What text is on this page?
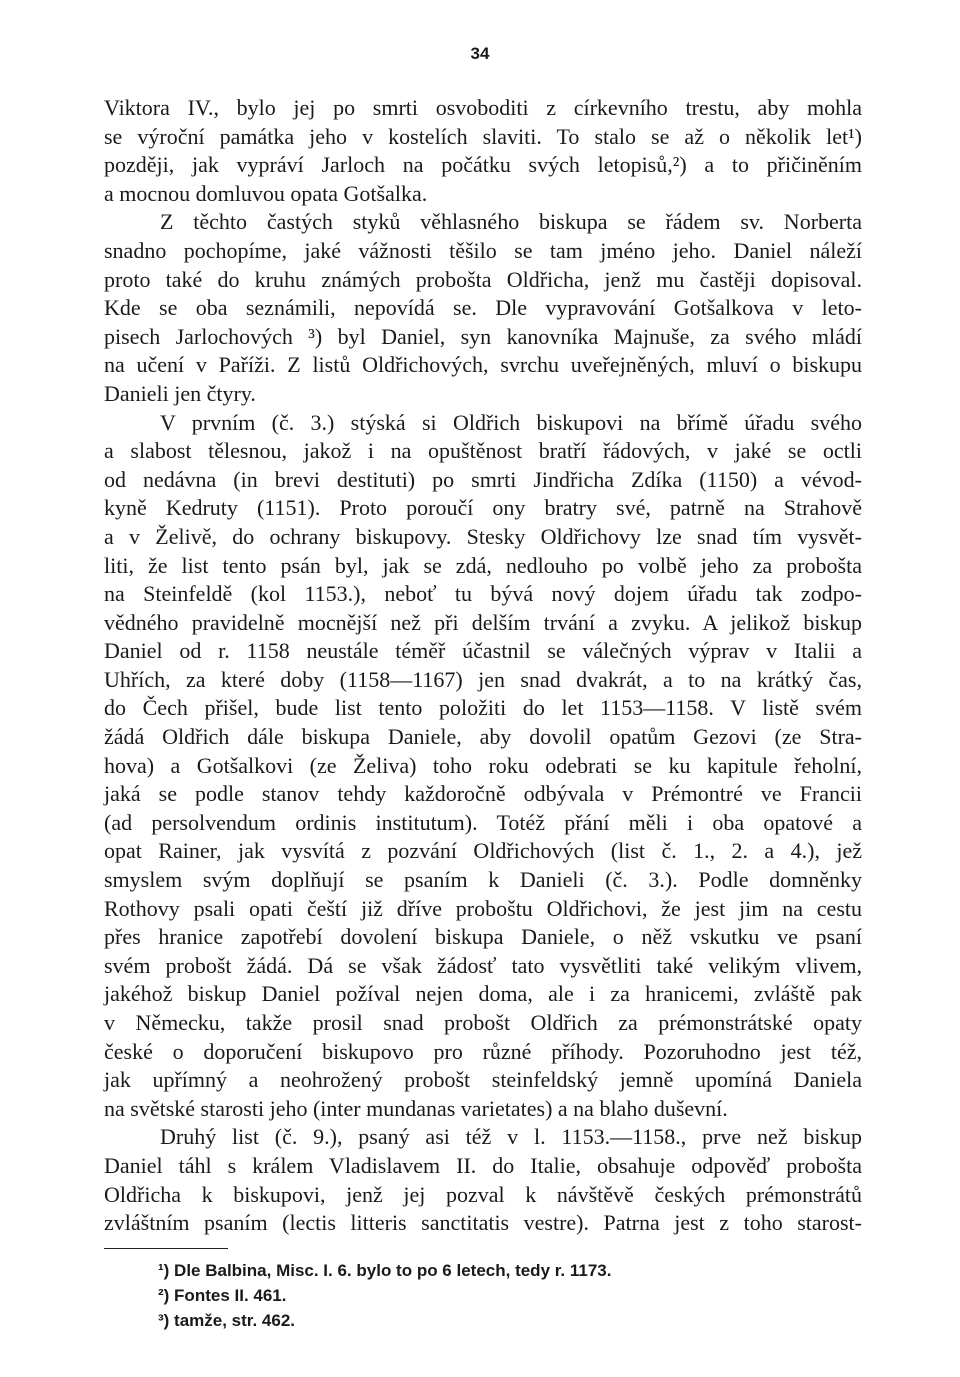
34
Viktora IV., bylo jej po smrti osvoboditi z církevního trestu, aby mohla
se výroční památka jeho v kostelích slaviti. To stalo se až o několik let¹)
později, jak vypráví Jarloch na počátku svých letopisů,²) a to přičiněním
a mocnou domluvou opata Gotšalka.
Z těchto častých styků věhlasného biskupa se řádem sv. Norberta
snadno pochopíme, jaké vážnosti těšilo se tam jméno jeho. Daniel náleží
proto také do kruhu známých proboštа Oldřicha, jenž mu častěji dopisoval.
Kde se oba seznámili, nepovídá se. Dle vypravování Gotšalkova v leto-
pisech Jarlochových ³) byl Daniel, syn kanovníka Majnuše, za svého mládí
na učení v Paříži. Z listů Oldřichových, svrchu uveřejněných, mluví o biskupu
Danieli jen čtyry.
V prvním (č. 3.) stýská si Oldřich biskupovi na břímě úřadu svého
a slabost tělesnou, jakož i na opuštěnost bratří řádových, v jaké se octli
od nedávna (in brevi destituti) po smrti Jindřicha Zdíka (1150) a vévod-
kyně Kedruty (1151). Proto poroučí ony bratry své, patrně na Strahově
a v Želivě, do ochrany biskupovy. Stesky Oldřichovy lze snad tím vysvět-
liti, že list tento psán byl, jak se zdá, nedlouho po volbě jeho za probošta
na Steinfeldě (kol 1153.), neboť tu bývá nový dojem úřadu tak zodpo-
vědného pravidelně mocnější než při delším trvání a zvyku. A jelikož biskup
Daniel od r. 1158 neustále téměř účastnil se válečných výprav v Italii a
Uhřích, za které doby (1158—1167) jen snad dvakrát, a to na krátký čas,
do Čech přišel, bude list tento položiti do let 1153—1158. V listě svém
žádá Oldřich dále biskupa Daniele, aby dovolil opatům Gezovi (ze Stra-
hova) a Gotšalkovi (ze Želiva) toho roku odebrati se ku kapitule řeholní,
jaká se podle stanov tehdy každoročně odbývala v Prémontré ve Francii
(ad persolvendum ordinis institutum). Totéž přání měli i oba opatové a
opat Rainer, jak vysvítá z pozvání Oldřichových (list č. 1., 2. a 4.), jež
smyslem svým doplňují se psaním k Danieli (č. 3.). Podle domněnky
Rothovy psali opati čeští již dříve proboštu Oldřichovi, že jest jim na cestu
přes hranice zapotřebí dovolení biskupa Daniele, o něž vskutku ve psaní
svém probošt žádá. Dá se však žádosť tato vysvětliti také velikým vlivem,
jakéhož biskup Daniel požíval nejen doma, ale i za hranicemi, zvláště pak
v Německu, takže prosil snad probošt Oldřich za prémonstrátské opaty
české o doporučení biskupovo pro různé příhody. Pozoruhodno jest též,
jak upřímný a neohrožený probošt steinfeldský jemně upomíná Daniela
na světské starosti jeho (inter mundanas varietates) a na blaho duševní.
Druhý list (č. 9.), psaný asi též v l. 1153.—1158., prve než biskup
Daniel táhl s králem Vladislavem II. do Italie, obsahuje odpověď probošta
Oldřicha k biskupovi, jenž jej pozval k návštěvě českých prémonstrátů
zvláštním psaním (lectis litteris sanctitatis vestre). Patrna jest z toho starost-
¹) Dle Balbina, Misc. I. 6. bylo to po 6 letech, tedy r. 1173.
²) Fontes II. 461.
³) tamže, str. 462.
